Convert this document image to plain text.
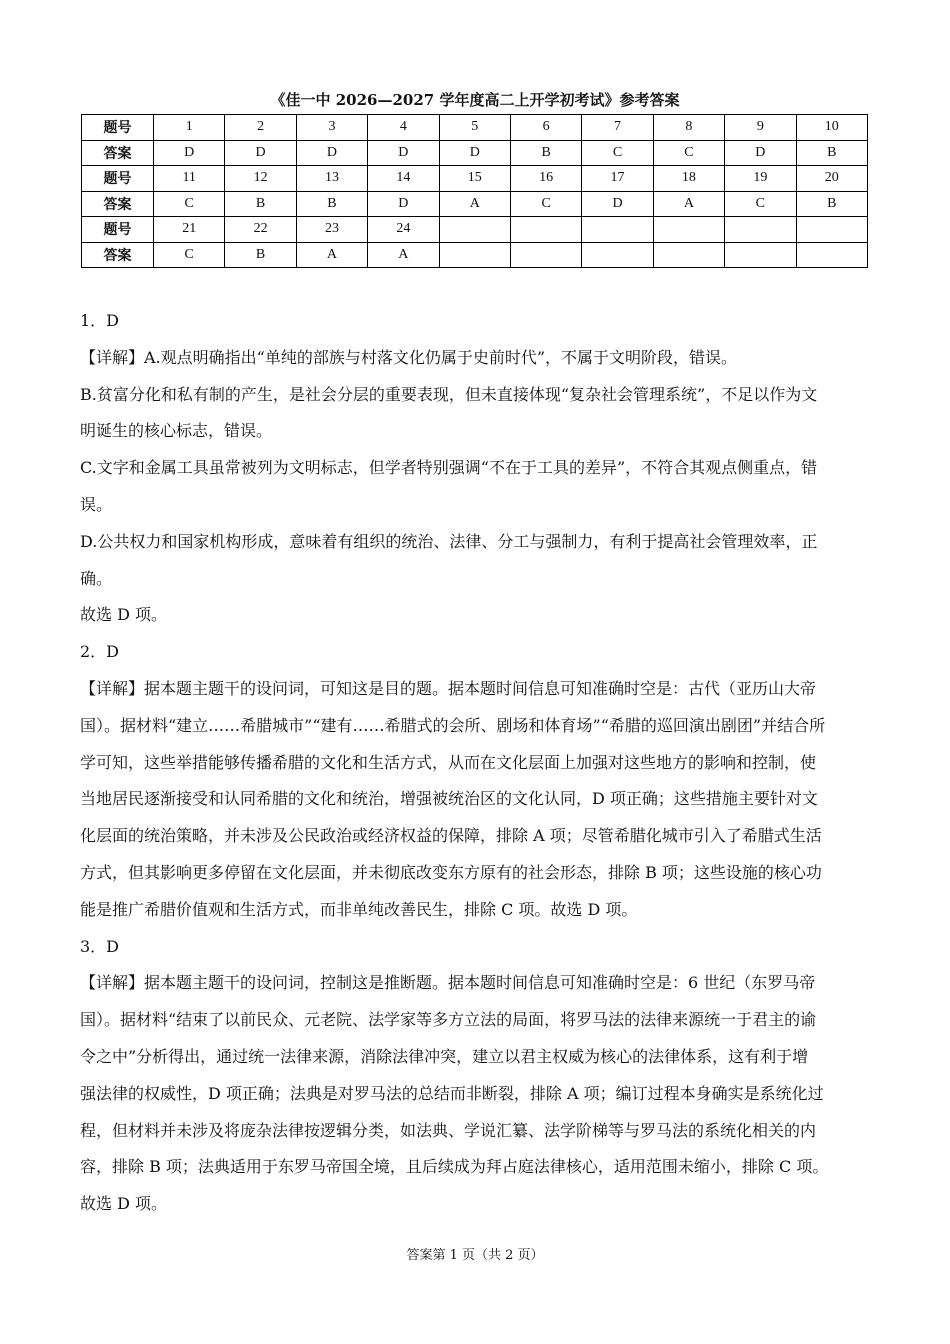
《佳一中 2026—2027 学年度高二上开学初考试》参考答案
题号	1	2	3	4	5	6	7	8	9	10
答案	D	D	D	D	D	B	C	C	D	B
题号	11	12	13	14	15	16	17	18	19	20
答案	C	B	B	D	A	C	D	A	C	B
题号	21	22	23	24						
答案	C	B	A	A						

1．D

【详解】A.观点明确指出“单纯的部族与村落文化仍属于史前时代”，不属于文明阶段，错误。

B.贫富分化和私有制的产生，是社会分层的重要表现，但未直接体现“复杂社会管理系统”，不足以作为文

明诞生的核心标志，错误。

C.文字和金属工具虽常被列为文明标志，但学者特别强调“不在于工具的差异”，不符合其观点侧重点，错

误。

D.公共权力和国家机构形成，意味着有组织的统治、法律、分工与强制力，有利于提高社会管理效率，正

确。

故选 D 项。

2．D

【详解】据本题主题干的设问词，可知这是目的题。据本题时间信息可知准确时空是：古代（亚历山大帝

国）。据材料“建立……希腊城市”“建有……希腊式的会所、剧场和体育场”“希腊的巡回演出剧团”并结合所

学可知，这些举措能够传播希腊的文化和生活方式，从而在文化层面上加强对这些地方的影响和控制，使

当地居民逐渐接受和认同希腊的文化和统治，增强被统治区的文化认同，D 项正确；这些措施主要针对文

化层面的统治策略，并未涉及公民政治或经济权益的保障，排除 A 项；尽管希腊化城市引入了希腊式生活

方式，但其影响更多停留在文化层面，并未彻底改变东方原有的社会形态，排除 B 项；这些设施的核心功

能是推广希腊价值观和生活方式，而非单纯改善民生，排除 C 项。故选 D 项。

3．D

【详解】据本题主题干的设问词，控制这是推断题。据本题时间信息可知准确时空是：6 世纪（东罗马帝

国）。据材料“结束了以前民众、元老院、法学家等多方立法的局面，将罗马法的法律来源统一于君主的谕

令之中”分析得出，通过统一法律来源，消除法律冲突，建立以君主权威为核心的法律体系，这有利于增

强法律的权威性，D 项正确；法典是对罗马法的总结而非断裂，排除 A 项；编订过程本身确实是系统化过

程，但材料并未涉及将庞杂法律按逻辑分类，如法典、学说汇纂、法学阶梯等与罗马法的系统化相关的内

容，排除 B 项；法典适用于东罗马帝国全境，且后续成为拜占庭法律核心，适用范围未缩小，排除 C 项。

故选 D 项。

答案第 1 页（共 2 页）
